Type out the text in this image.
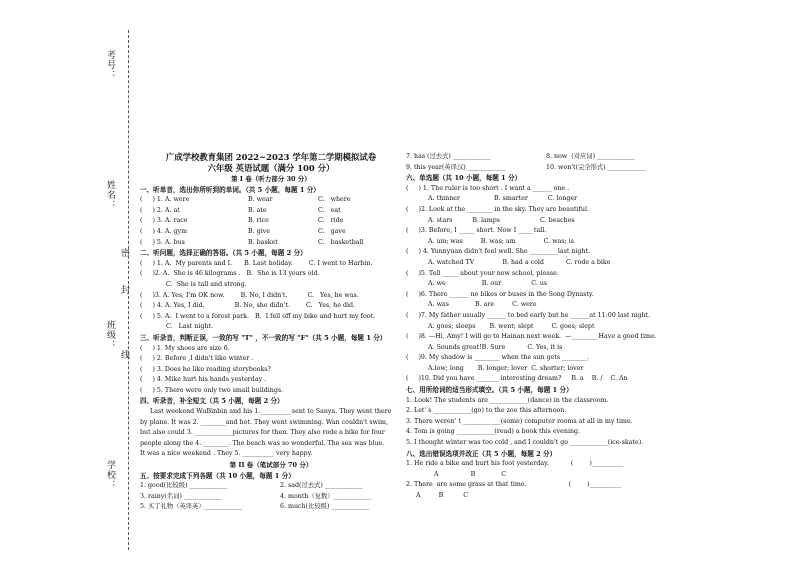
考号：
姓名：
密
封
班级：
线
学校：
广成学校教育集团 2022~2023 学年第二学期模拟试卷
六年级 英语试题（满分 100 分）
第 I 卷（听力部分 30 分）
一、听单音，选出你所听到的单词。（共 5 小题，每题 1 分）
(     ) 1. A. were	B. wear	C.   where
(     ) 2. A. at	B. ate	C.   eat
(     ) 3. A. race	B. rice	C.   ride
(     ) 4. A. gym	B. give	C.   gave
(     ) 5. A. bus	B. basket	C.   basketball
二、听问题，选择正确的答语。（共 5 小题，每题 2 分）
(     ) 1. A.  My parents and I.      B. Last holiday.        C. I went to Harbin.
(     )2. A.  She is 46 kilograms .   B.  She is 13 years old.
C.  She is tall and strong.
(     )3. A. Yes, I'm OK now.        B. No, I didn't.          C.   Yes, he was.
(     ) 4. A. Yes, I did.               B. No, she didn't.        C.   Yes, he did.
(     ) 5. A.  I went to a forest park.   B.  I fell off my bike and hurt my foot.
C.   Last night.
三、听录音，判断正误，一致的写 "T" ，不一致的写 "F"（共 5 小题，每题 1 分）
(     ) 1. My shoes are size 6.
(     ) 2. Before ,I didn't like winter .
(     ) 3. Does he like reading storybooks?
(     ) 4. Mike hurt his hands yesterday .
(     ) 5. There were only two small buildings.
四、听录音，补全短文（共 5 小题，每题 2 分）
Last weekend WuBinbin and his 1.__________sent to Sanya. They went there
by plane. It was 2. ________and hot. They went swimming. Wan couldn't swim,
but also could 3. ____________pictures for then. They also rode a bike for four
people along the 4. ________. The beach was so wonderful. The sea was blue.
It was a nice weekend . They 5. __________ very happy.
第 II 卷（笔试部分 70 分）
五、按要求完成下列各题（共 10 小题，每题 1 分）
1. good(比较级) ____________	2. sad(过去式) ____________
3. rainy(名词) ____________	4. month（复数）____________
5. 买了礼物（英译英）____________	6. much(比较级) ____________
7. has (过去式) ____________	8. now  (对应词) ____________
9. this year(英译汉) ____________	10. won't(完全形式) ____________
六、单选题（共 10 小题，每题 1 分）
(     ) 1. The ruler is too short . I want a ______ one .
A. thinner                 B. smarter          C. longer
(     )2. Look at the ________ in the sky. They are beautiful.
A. stars          B. lamps                    C. beaches
(     )3. Before, I _____ short. Now I _____tall.
A. am; was         B. was; am              C. was; is
(     ) 4. Yunnyuan didn't feel well. She _________last night.
A. watched TV              B. had a cold           C. rode a bike
(     )5. Tell _____ about your new school, please.
A. we                  B. our               C. us
(     )6. There ______ no bikes or buses in the Song Dynasty.
A. was             B. are         C. were
(     )7. My father usually ______ to bed early but he ______at 11:00 last night.
A. goes; sleeps       B. went; slept         C. goes; slept
(     )8. —Hi, Amy! I will go to Hainan next week.  —________ Have a good time.
A. Sounds great!B. Sure           C. Yes, it is
(     )9. My shadow is ________ when the sun gets ________.
A.low; long       B. longer; lover  C. shorter; lover
(     )10. Did you have _______ interesting dream?     B. a    B. /    C. An
七、用所给词的适当形式填空。（共 5 小题，每题 1 分）
1. Look! The students are ____________(dance) in the classroom.
2. Let' s ____________(go) to the zoo this afternoon.
3. There weren' t ____________(some) computer rooms at all in my time.
4. Tom is going ____________(read) a book this evening.
5. I thought winter was too cold , and I couldn't go ____________(ice-skate).
八、选出错误选项并改正（共 5 小题，每题 2 分）
1. He ride a bike and hurt his foot yesterday.           (        )__________
A                B             C
2. There  are some grass at that time.                     (        )__________
A         B          C
